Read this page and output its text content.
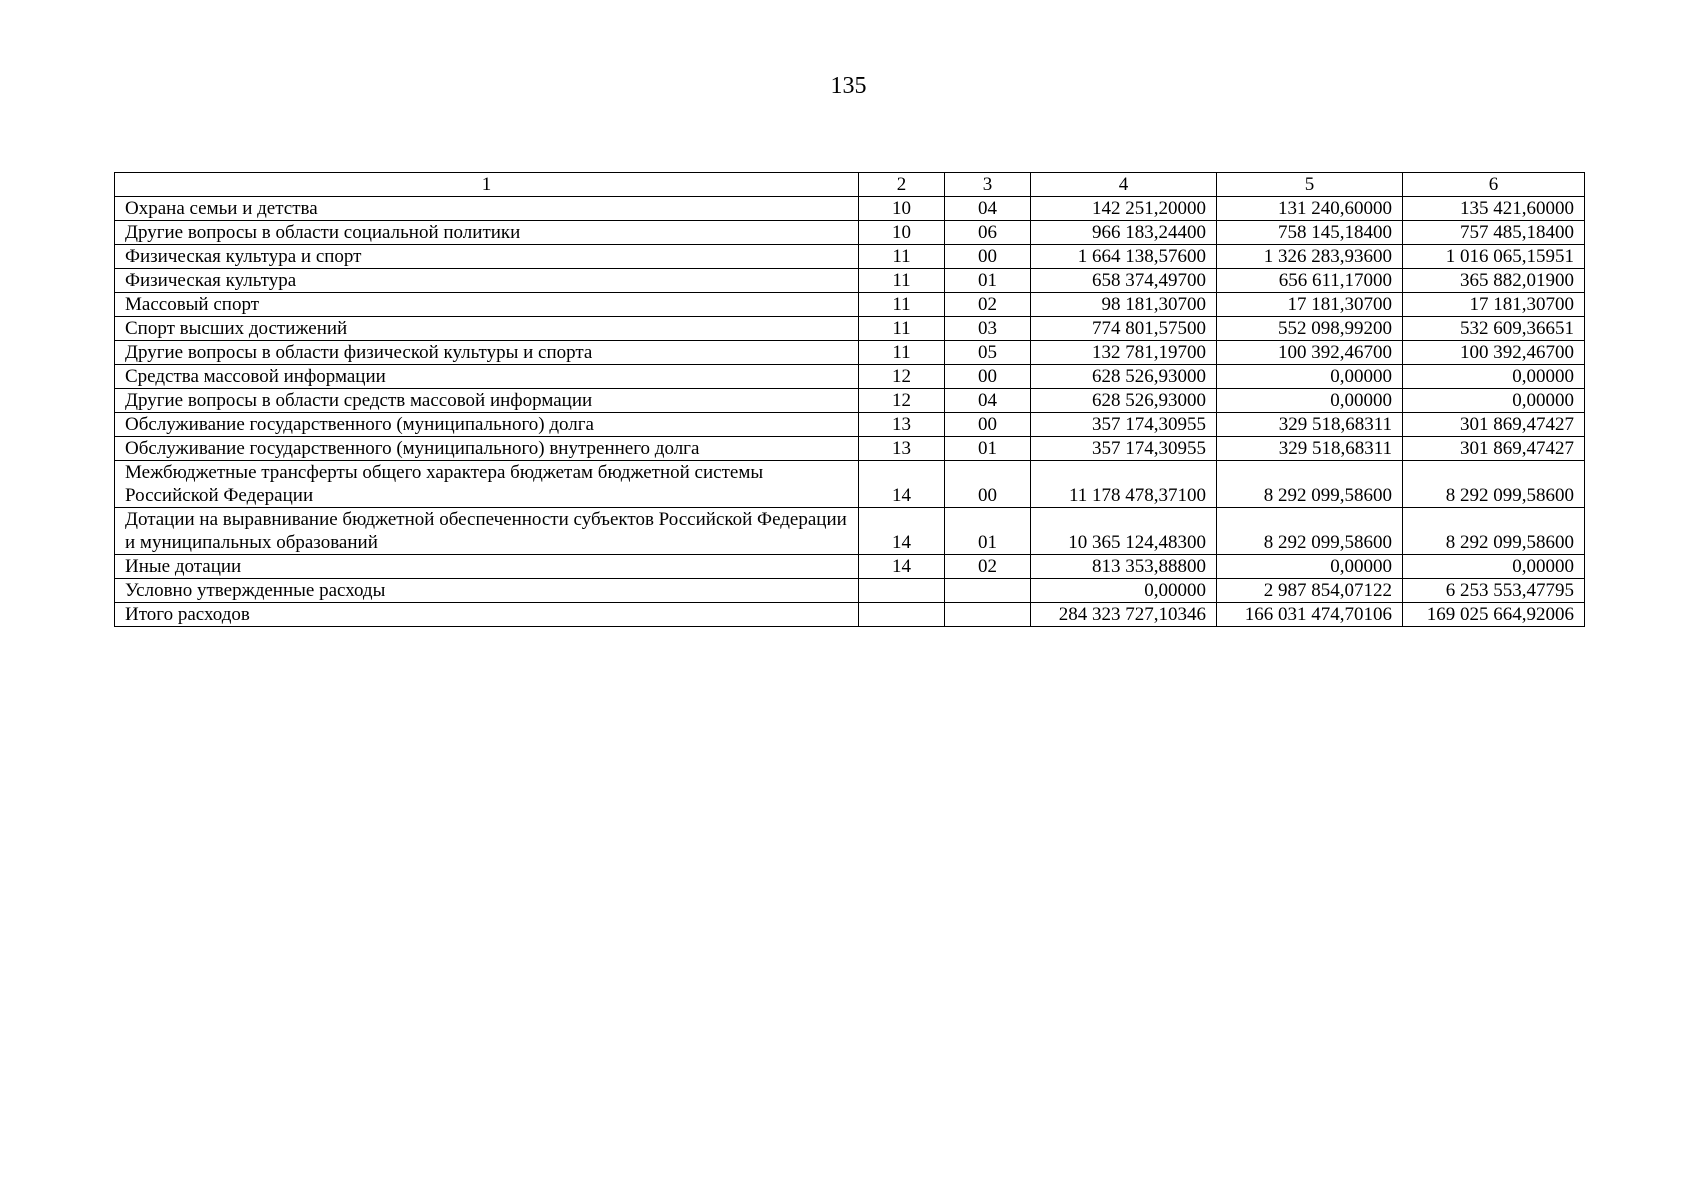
135
1	2	3	4	5	6
Охрана семьи и детства	10	04	142 251,20000	131 240,60000	135 421,60000
Другие вопросы в области социальной политики	10	06	966 183,24400	758 145,18400	757 485,18400
Физическая культура и спорт	11	00	1 664 138,57600	1 326 283,93600	1 016 065,15951
Физическая культура	11	01	658 374,49700	656 611,17000	365 882,01900
Массовый спорт	11	02	98 181,30700	17 181,30700	17 181,30700
Спорт высших достижений	11	03	774 801,57500	552 098,99200	532 609,36651
Другие вопросы в области физической культуры и спорта	11	05	132 781,19700	100 392,46700	100 392,46700
Средства массовой информации	12	00	628 526,93000	0,00000	0,00000
Другие вопросы в области средств массовой информации	12	04	628 526,93000	0,00000	0,00000
Обслуживание государственного (муниципального) долга	13	00	357 174,30955	329 518,68311	301 869,47427
Обслуживание государственного (муниципального) внутреннего долга	13	01	357 174,30955	329 518,68311	301 869,47427
Межбюджетные трансферты общего характера бюджетам бюджетной системы Российской Федерации	14	00	11 178 478,37100	8 292 099,58600	8 292 099,58600
Дотации на выравнивание бюджетной обеспеченности субъектов Российской Федерации и муниципальных образований	14	01	10 365 124,48300	8 292 099,58600	8 292 099,58600
Иные дотации	14	02	813 353,88800	0,00000	0,00000
Условно утвержденные расходы			0,00000	2 987 854,07122	6 253 553,47795
Итого расходов			284 323 727,10346	166 031 474,70106	169 025 664,92006
